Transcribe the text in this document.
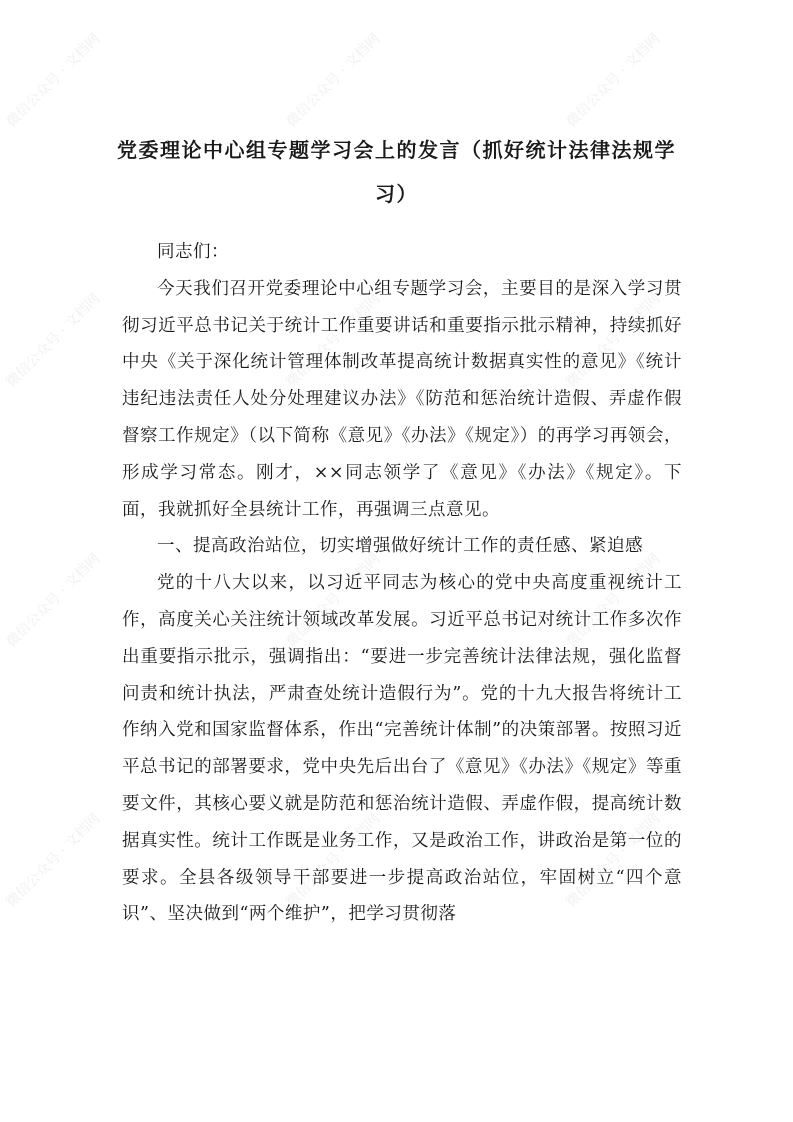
党委理论中心组专题学习会上的发言（抓好统计法律法规学
习）

同志们：

今天我们召开党委理论中心组专题学习会，主要目的是深入学习贯彻习近平总书记关于统计工作重要讲话和重要指示批示精神，持续抓好中央《关于深化统计管理体制改革提高统计数据真实性的意见》《统计违纪违法责任人处分处理建议办法》《防范和惩治统计造假、弄虚作假督察工作规定》（以下简称《意见》《办法》《规定》）的再学习再领会，形成学习常态。刚才，××同志领学了《意见》《办法》《规定》。下面，我就抓好全县统计工作，再强调三点意见。

一、提高政治站位，切实增强做好统计工作的责任感、紧迫感

党的十八大以来，以习近平同志为核心的党中央高度重视统计工作，高度关心关注统计领域改革发展。习近平总书记对统计工作多次作出重要指示批示，强调指出：“要进一步完善统计法律法规，强化监督问责和统计执法，严肃查处统计造假行为”。党的十九大报告将统计工作纳入党和国家监督体系，作出“完善统计体制”的决策部署。按照习近平总书记的部署要求，党中央先后出台了《意见》《办法》《规定》等重要文件，其核心要义就是防范和惩治统计造假、弄虚作假，提高统计数据真实性。统计工作既是业务工作，又是政治工作，讲政治是第一位的要求。全县各级领导干部要进一步提高政治站位，牢固树立“四个意识”、坚决做到“两个维护”，把学习贯彻落

微信公众号 · 文档网	微信公众号 · 文档网	微信公众号 · 文档网
微信公众号 · 文档网	微信公众号 · 文档网	微信公众号 · 文档网
微信公众号 · 文档网	微信公众号 · 文档网	微信公众号 · 文档网
微信公众号 · 文档网	微信公众号 · 文档网	微信公众号 · 文档网
